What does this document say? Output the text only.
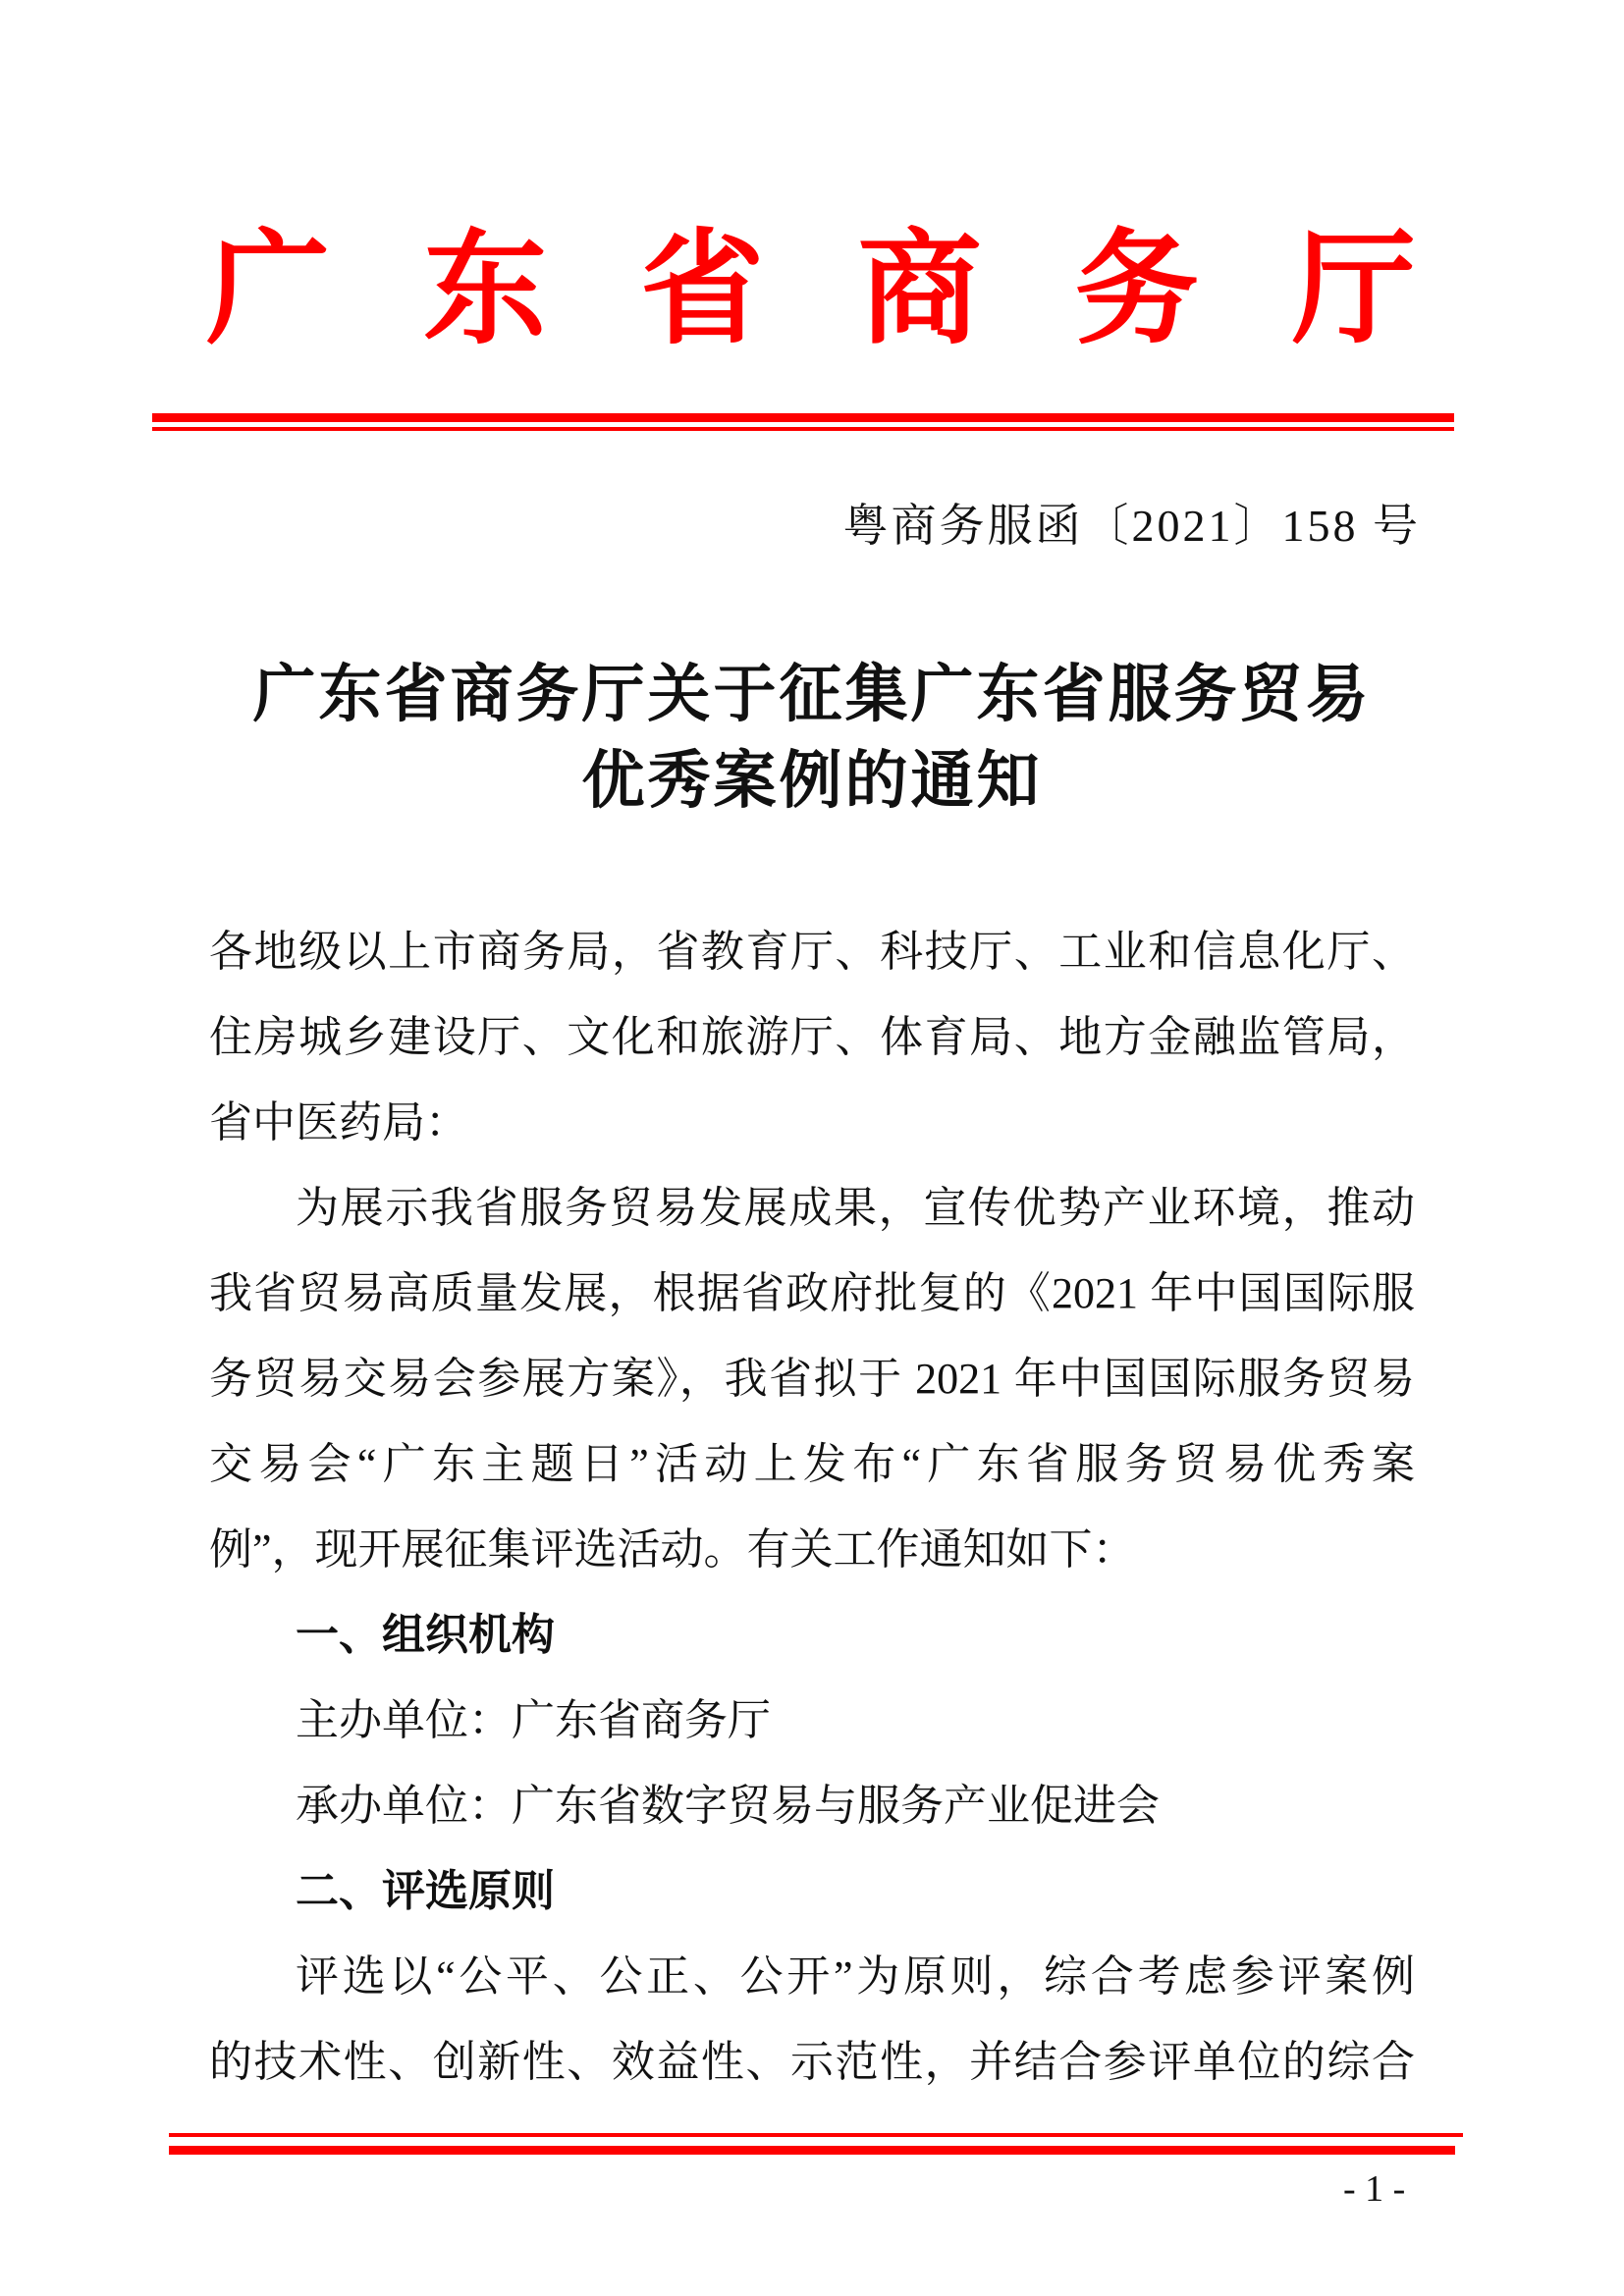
广 东 省 商 务 厅
粤商务服函〔2021〕158 号
广东省商务厅关于征集广东省服务贸易
优秀案例的通知
各地级以上市商务局，省教育厅、科技厅、工业和信息化厅、
住房城乡建设厅、文化和旅游厅、体育局、地方金融监管局，
省中医药局：
为展示我省服务贸易发展成果，宣传优势产业环境，推动
我省贸易高质量发展，根据省政府批复的《2021 年中国国际服
务贸易交易会参展方案》，我省拟于 2021 年中国国际服务贸易
交易会“广东主题日”活动上发布“广东省服务贸易优秀案
例”，现开展征集评选活动。有关工作通知如下：
一、组织机构
主办单位：广东省商务厅
承办单位：广东省数字贸易与服务产业促进会
二、评选原则
评选以“公平、公正、公开”为原则，综合考虑参评案例
的技术性、创新性、效益性、示范性，并结合参评单位的综合
- 1 -
